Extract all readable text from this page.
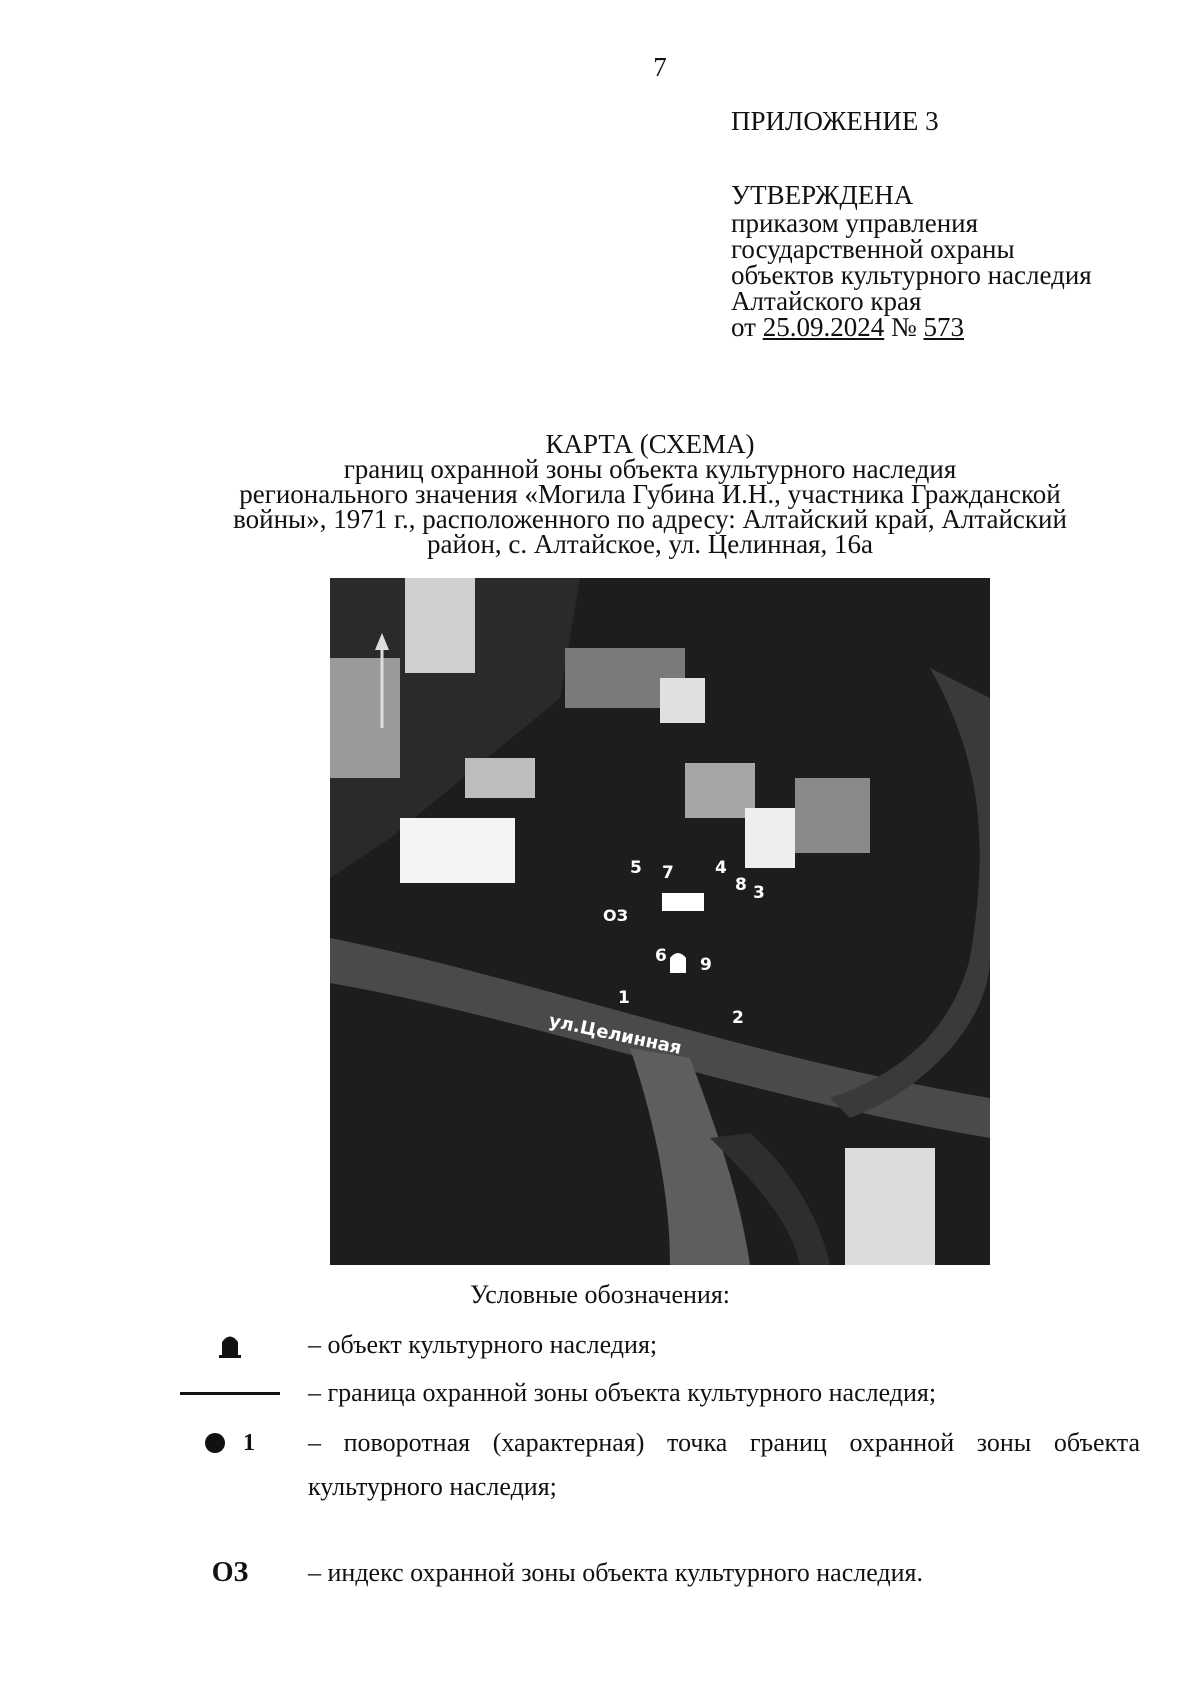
7
ПРИЛОЖЕНИЕ 3
УТВЕРЖДЕНА
приказом управления
государственной охраны
объектов культурного наследия
Алтайского края
от 25.09.2024 № 573
КАРТА (СХЕМА)
границ охранной зоны объекта культурного наследия
регионального значения «Могила Губина И.Н., участника Гражданской
войны», 1971 г., расположенного по адресу: Алтайский край, Алтайский
район, с. Алтайское, ул. Целинная, 16а
5 7 4
8 3
ОЗ
6 9
1
2
ул.Целинная
Условные обозначения:
– объект культурного наследия;
– граница охранной зоны объекта культурного наследия;
1 – поворотная (характерная) точка границ охранной зоны объекта культурного наследия;
ОЗ	– индекс охранной зоны объекта культурного наследия.
